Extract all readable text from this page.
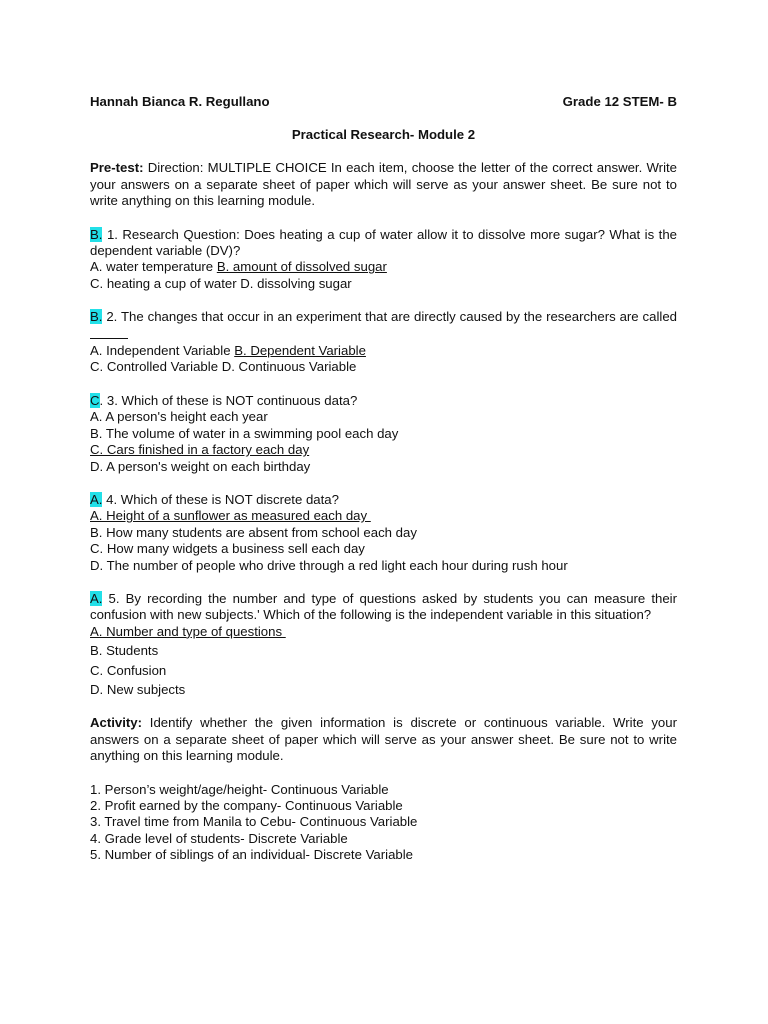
Hannah Bianca R. Regullano	Grade 12 STEM- B
Practical Research- Module 2
Pre-test: Direction: MULTIPLE CHOICE In each item, choose the letter of the correct answer. Write your answers on a separate sheet of paper which will serve as your answer sheet. Be sure not to write anything on this learning module.
B. 1. Research Question: Does heating a cup of water allow it to dissolve more sugar? What is the dependent variable (DV)?
A. water temperature B. amount of dissolved sugar
C. heating a cup of water D. dissolving sugar
B. 2. The changes that occur in an experiment that are directly caused by the researchers are called
A. Independent Variable B. Dependent Variable
C. Controlled Variable D. Continuous Variable
C. 3. Which of these is NOT continuous data?
A. A person's height each year
B. The volume of water in a swimming pool each day
C. Cars finished in a factory each day
D. A person's weight on each birthday
A. 4. Which of these is NOT discrete data?
A. Height of a sunflower as measured each day
B. How many students are absent from school each day
C. How many widgets a business sell each day
D. The number of people who drive through a red light each hour during rush hour
A. 5. By recording the number and type of questions asked by students you can measure their confusion with new subjects.' Which of the following is the independent variable in this situation?
A. Number and type of questions
B. Students
C. Confusion
D. New subjects
Activity: Identify whether the given information is discrete or continuous variable. Write your answers on a separate sheet of paper which will serve as your answer sheet. Be sure not to write anything on this learning module.
1. Person’s weight/age/height- Continuous Variable
2. Profit earned by the company- Continuous Variable
3. Travel time from Manila to Cebu- Continuous Variable
4. Grade level of students- Discrete Variable
5. Number of siblings of an individual- Discrete Variable
